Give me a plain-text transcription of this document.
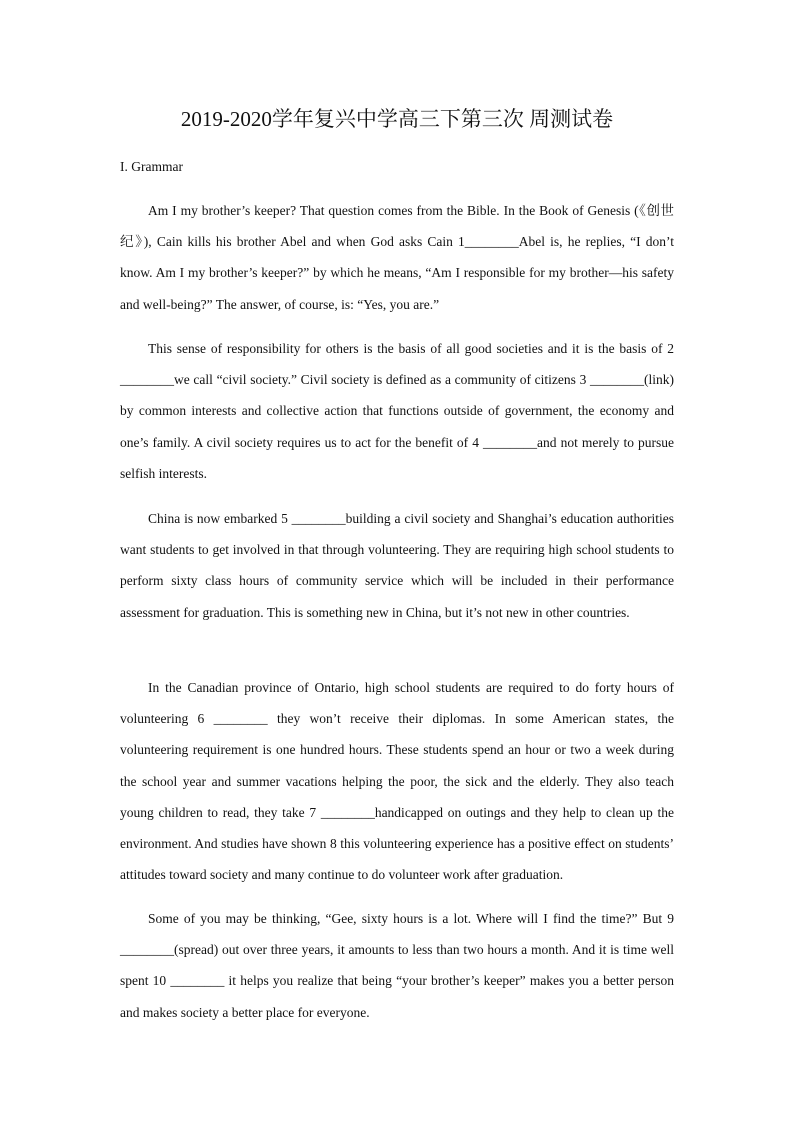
2019-2020学年复兴中学高三下第三次 周测试卷

I. Grammar

Am I my brother’s keeper? That question comes from the Bible. In the Book of Genesis (《创世纪》), Cain kills his brother Abel and when God asks Cain 1________Abel is, he replies, “I don’t know. Am I my brother’s keeper?” by which he means, “Am I responsible for my brother—his safety and well-being?” The answer, of course, is: “Yes, you are.”

This sense of responsibility for others is the basis of all good societies and it is the basis of 2 ________we call “civil society.” Civil society is defined as a community of citizens 3 ________(link) by common interests and collective action that functions outside of government, the economy and one’s family. A civil society requires us to act for the benefit of 4 ________and not merely to pursue selfish interests.

China is now embarked 5 ________building a civil society and Shanghai’s education authorities want students to get involved in that through volunteering. They are requiring high school students to perform sixty class hours of community service which will be included in their performance assessment for graduation. This is something new in China, but it’s not new in other countries.

In the Canadian province of Ontario, high school students are required to do forty hours of volunteering 6 ________ they won’t receive their diplomas. In some American states, the volunteering requirement is one hundred hours. These students spend an hour or two a week during the school year and summer vacations helping the poor, the sick and the elderly. They also teach young children to read, they take 7 ________handicapped on outings and they help to clean up the environment. And studies have shown 8 this volunteering experience has a positive effect on students’ attitudes toward society and many continue to do volunteer work after graduation.

Some of you may be thinking, “Gee, sixty hours is a lot. Where will I find the time?” But 9 ________(spread) out over three years, it amounts to less than two hours a month. And it is time well spent 10 ________ it helps you realize that being “your brother’s keeper” makes you a better person and makes society a better place for everyone.
